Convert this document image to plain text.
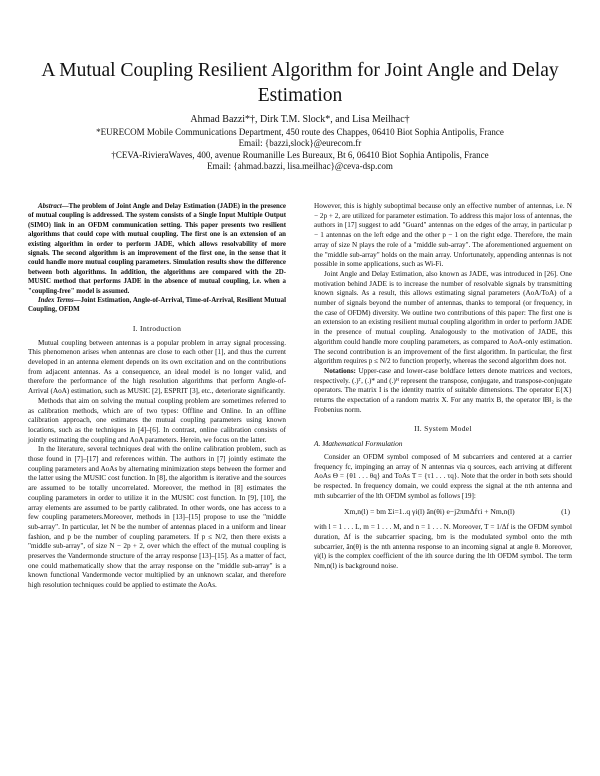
A Mutual Coupling Resilient Algorithm for Joint Angle and Delay Estimation
Ahmad Bazzi*†, Dirk T.M. Slock*, and Lisa Meilhac†
*EURECOM Mobile Communications Department, 450 route des Chappes, 06410 Biot Sophia Antipolis, France
Email: {bazzi,slock}@eurecom.fr
†CEVA-RivieraWaves, 400, avenue Roumanille Les Bureaux, Bt 6, 06410 Biot Sophia Antipolis, France
Email: {ahmad.bazzi, lisa.meilhac}@ceva-dsp.com

Abstract—The problem of Joint Angle and Delay Estimation (JADE) in the presence of mutual coupling is addressed. The system consists of a Single Input Multiple Output (SIMO) link in an OFDM communication setting. This paper presents two resilient algorithms that could cope with mutual coupling. The first one is an extension of an existing algorithm in order to perform JADE, which allows resolvability of more signals. The second algorithm is an improvement of the first one, in the sense that it could handle more mutual coupling parameters. Simulation results show the difference between both algorithms. In addition, the algorithms are compared with the 2D-MUSIC method that performs JADE in the absence of mutual coupling, i.e. when a "coupling-free" model is assumed.

Index Terms—Joint Estimation, Angle-of-Arrival, Time-of-Arrival, Resilient Mutual Coupling, OFDM

I. Introduction

Mutual coupling between antennas is a popular problem in array signal processing. This phenomenon arises when antennas are close to each other [1], and thus the current developed in an antenna element depends on its own excitation and on the contributions from adjacent antennas. As a consequence, an ideal model is no longer valid, and therefore the performance of the high resolution algorithms that perform Angle-of-Arrival (AoA) estimation, such as MUSIC [2], ESPRIT [3], etc., deteriorate significantly.

Methods that aim on solving the mutual coupling problem are sometimes referred to as calibration methods, which are of two types: Offline and Online. In an offline calibration approach, one estimates the mutual coupling parameters using known locations, such as the techniques in [4]–[6]. In contrast, online calibration consists of jointly estimating the coupling and AoA parameters. Herein, we focus on the latter.

In the literature, several techniques deal with the online calibration problem, such as those found in [7]–[17] and references within. The authors in [7] jointly estimate the coupling parameters and AoAs by alternating minimization steps between the former and the latter using the MUSIC cost function. In [8], the algorithm is iterative and the sources are assumed to be totally uncorrelated. Moreover, the method in [8] estimates the coupling parameters in order to utilize it in the MUSIC cost function. In [9], [10], the array elements are assumed to be partly calibrated. In other words, one has access to a few coupling parameters.Moreover, methods in [13]–[15] propose to use the "middle sub-array". In particular, let N be the number of antennas placed in a uniform and linear fashion, and p be the number of coupling parameters. If p ≤ N/2, then there exists a "middle sub-array", of size N − 2p + 2, over which the effect of the mutual coupling is preserves the Vandermonde structure of the array response [13]–[15]. As a matter of fact, one could mathematically show that the array response on the "middle sub-array" is a known functional Vandermonde vector multiplied by an unknown scalar, and therefore high resolution techniques could be applied to estimate the AoAs.

However, this is highly suboptimal because only an effective number of antennas, i.e. N − 2p + 2, are utilized for parameter estimation. To address this major loss of antennas, the authors in [17] suggest to add "Guard" antennas on the edges of the array, in particular p − 1 antennas on the left edge and the other p − 1 on the right edge. Therefore, the main array of size N plays the role of a "middle sub-array". The aforementioned arguement on the "middle sub-array" holds on the main array. Unfortunately, appending antennas is not possible in some applications, such as Wi-Fi.

Joint Angle and Delay Estimation, also known as JADE, was introduced in [26]. One motivation behind JADE is to increase the number of resolvable signals by transmitting known signals. As a result, this allows estimating signal parameters (AoA/ToA) of a number of signals beyond the number of antennas, thanks to temporal (or frequency, in the case of OFDM) diversity. We outline two contributions of this paper: The first one is an extension to an existing resilient mutual coupling algorithm in order to perform JADE in the presence of mutual coupling. Analogously to the motivation of JADE, this algorithm could handle more coupling parameters, as compared to AoA-only estimation. The second contribution is an improvement of the first algorithm. In particular, the first algorithm requires p ≤ N/2 to function properly, whereas the second algorithm does not.

Notations: Upper-case and lower-case boldface letters denote matrices and vectors, respectively. (.)ᵀ, (.)* and (.)ᴴ represent the transpose, conjugate, and transpose-conjugate operators. The matrix I is the identity matrix of suitable dimensions. The operator E{X} returns the expectation of a random matrix X. For any matrix B, the operator ‖B‖₂ is the Frobenius norm.

II. System Model
A. Mathematical Formulation

Consider an OFDM symbol composed of M subcarriers and centered at a carrier frequency fc, impinging an array of N antennas via q sources, each arriving at different AoAs Θ = {θ1 . . . θq} and ToAs T = {τ1 . . . τq}. Note that the order in both sets should be respected. In frequency domain, we could express the signal at the nth antenna and mth subcarrier of the lth OFDM symbol as follows [19]:

Xm,n(l) = bm Σi=1..q γi(l) ān(θi) e−j2πmΔfτi + Nm,n(l)	(1)

with l = 1 . . . L, m = 1 . . . M, and n = 1 . . . N. Moreover, T = 1/Δf is the OFDM symbol duration, Δf is the subcarrier spacing, bm is the modulated symbol onto the mth subcarrier, ān(θ) is the nth antenna response to an incoming signal at angle θ. Moreover, γi(l) is the complex coefficient of the ith source during the lth OFDM symbol. The term Nm,n(l) is background noise.
